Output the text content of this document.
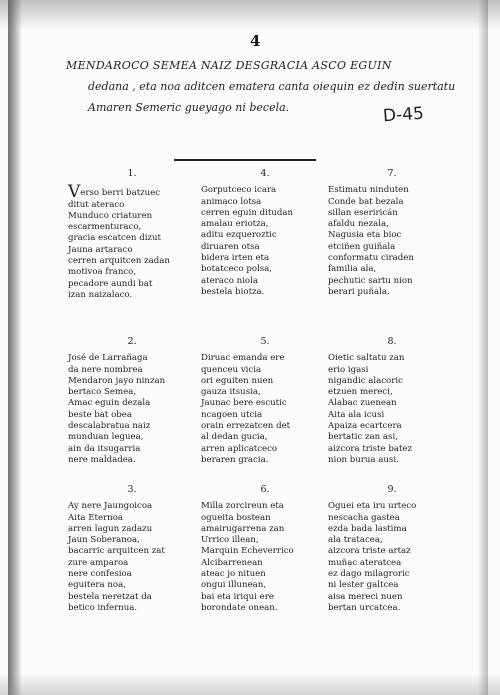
4
MENDAROCO SEMEA NAIZ DESGRACIA ASCO EGUIN
dedana , eta noa aditcen ematera canta oiequin ez dedin suertatu
Amaren Semeric gueyago ni becela.	D-45
1.
Verso berri batzuec
ditut ateraco
Munduco criaturen
escarmenturaco,
gracia escatcen dizut
Jauna artaraco
cerren arquitcen zadan
motivoa franco,
pecadore aundi bat
izan naizalaco.
2.
José de Larrañaga
da nere nombrea
Mendaron jayo ninzan
bertaco Semea,
Amac eguin dezala
beste bat obea
descalabratua naiz
munduan leguea,
ain da itsugarria
nere maldadea.
3.
Ay nere Jaungoicoa
Aita Eternoa
arren lagun zadazu
Jaun Soberanoa,
bacarric arquitcen zat
zure amparoa
nere confesioa
eguitera noa,
bestela neretzat da
betico infernua.
4.
Gorputceco icara
animaco lotsa
cerren eguin ditudan
amalau eriotza,
aditu ezqueroztic
diruaren otsa
bidera irten eta
botatceco polsa,
ateraco niola
bestela biotza.
5.
Diruac emanda ere
quenceu vicia
ori eguiten nuen
gauza itsusia,
Jaunac bere escutic
ncagoen utcia
orain errezatcen det
al dedan gucia,
arren aplicatceco
beraren gracia.
6.
Milla zorcireun eta
ogueita bostean
amairugarrena zan
Urrico illean,
Marquin Echeverrico
Alcibarrenean
ateac jo nituen
ongui illunean,
bai eta iriqui ere
borondate onean.
7.
Estimatu ninduten
Conde bat bezala
sillan eseriricán
afaldu nezala,
Nagusia eta bioc
etciñen guiñala
conformatu ciraden
familia ala,
pechutic sartu nion
berari puñala.
8.
Oietic saltatu zan
erio igasi
nigandic alacoric
etzuen mereci,
Alabac zuenean
Aita ala icusi
Apaiza ecartcera
bertatic zan asi,
aizcora triste batez
nion burua ausi.
9.
Oguei eta iru urteco
nescacha gastea
ezda bada lastima
ala tratacea,
aizcora triste artaz
muñac ateratcea
ez dago milagroric
ni lester galtcea
aisa mereci nuen
bertan urcatcea.
